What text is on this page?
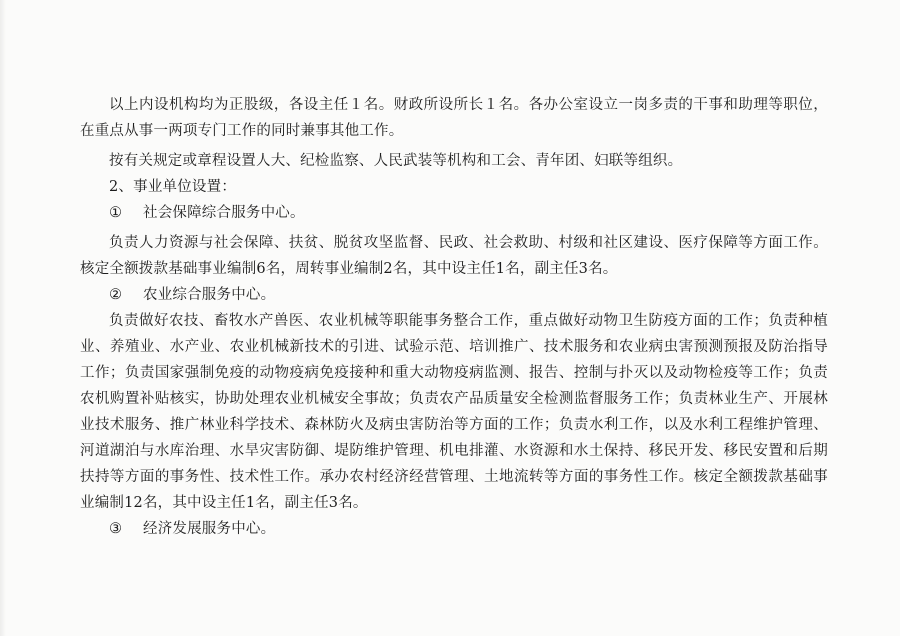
以上内设机构均为正股级，各设主任１名。财政所设所长１名。各办公室设立一岗多责的干事和助理等职位，在重点从事一两项专门工作的同时兼事其他工作。

按有关规定或章程设置人大、纪检监察、人民武装等机构和工会、青年团、妇联等组织。

2、事业单位设置：

① 社会保障综合服务中心。

负责人力资源与社会保障、扶贫、脱贫攻坚监督、民政、社会救助、村级和社区建设、医疗保障等方面工作。核定全额拨款基础事业编制6名，周转事业编制2名，其中设主任1名，副主任3名。

② 农业综合服务中心。

负责做好农技、畜牧水产兽医、农业机械等职能事务整合工作，重点做好动物卫生防疫方面的工作；负责种植业、养殖业、水产业、农业机械新技术的引进、试验示范、培训推广、技术服务和农业病虫害预测预报及防治指导工作；负责国家强制免疫的动物疫病免疫接种和重大动物疫病监测、报告、控制与扑灭以及动物检疫等工作；负责农机购置补贴核实，协助处理农业机械安全事故；负责农产品质量安全检测监督服务工作；负责林业生产、开展林业技术服务、推广林业科学技术、森林防火及病虫害防治等方面的工作；负责水利工作，以及水利工程维护管理、河道湖泊与水库治理、水旱灾害防御、堤防维护管理、机电排灌、水资源和水土保持、移民开发、移民安置和后期扶持等方面的事务性、技术性工作。承办农村经济经营管理、土地流转等方面的事务性工作。核定全额拨款基础事业编制12名，其中设主任1名，副主任3名。

③ 经济发展服务中心。
